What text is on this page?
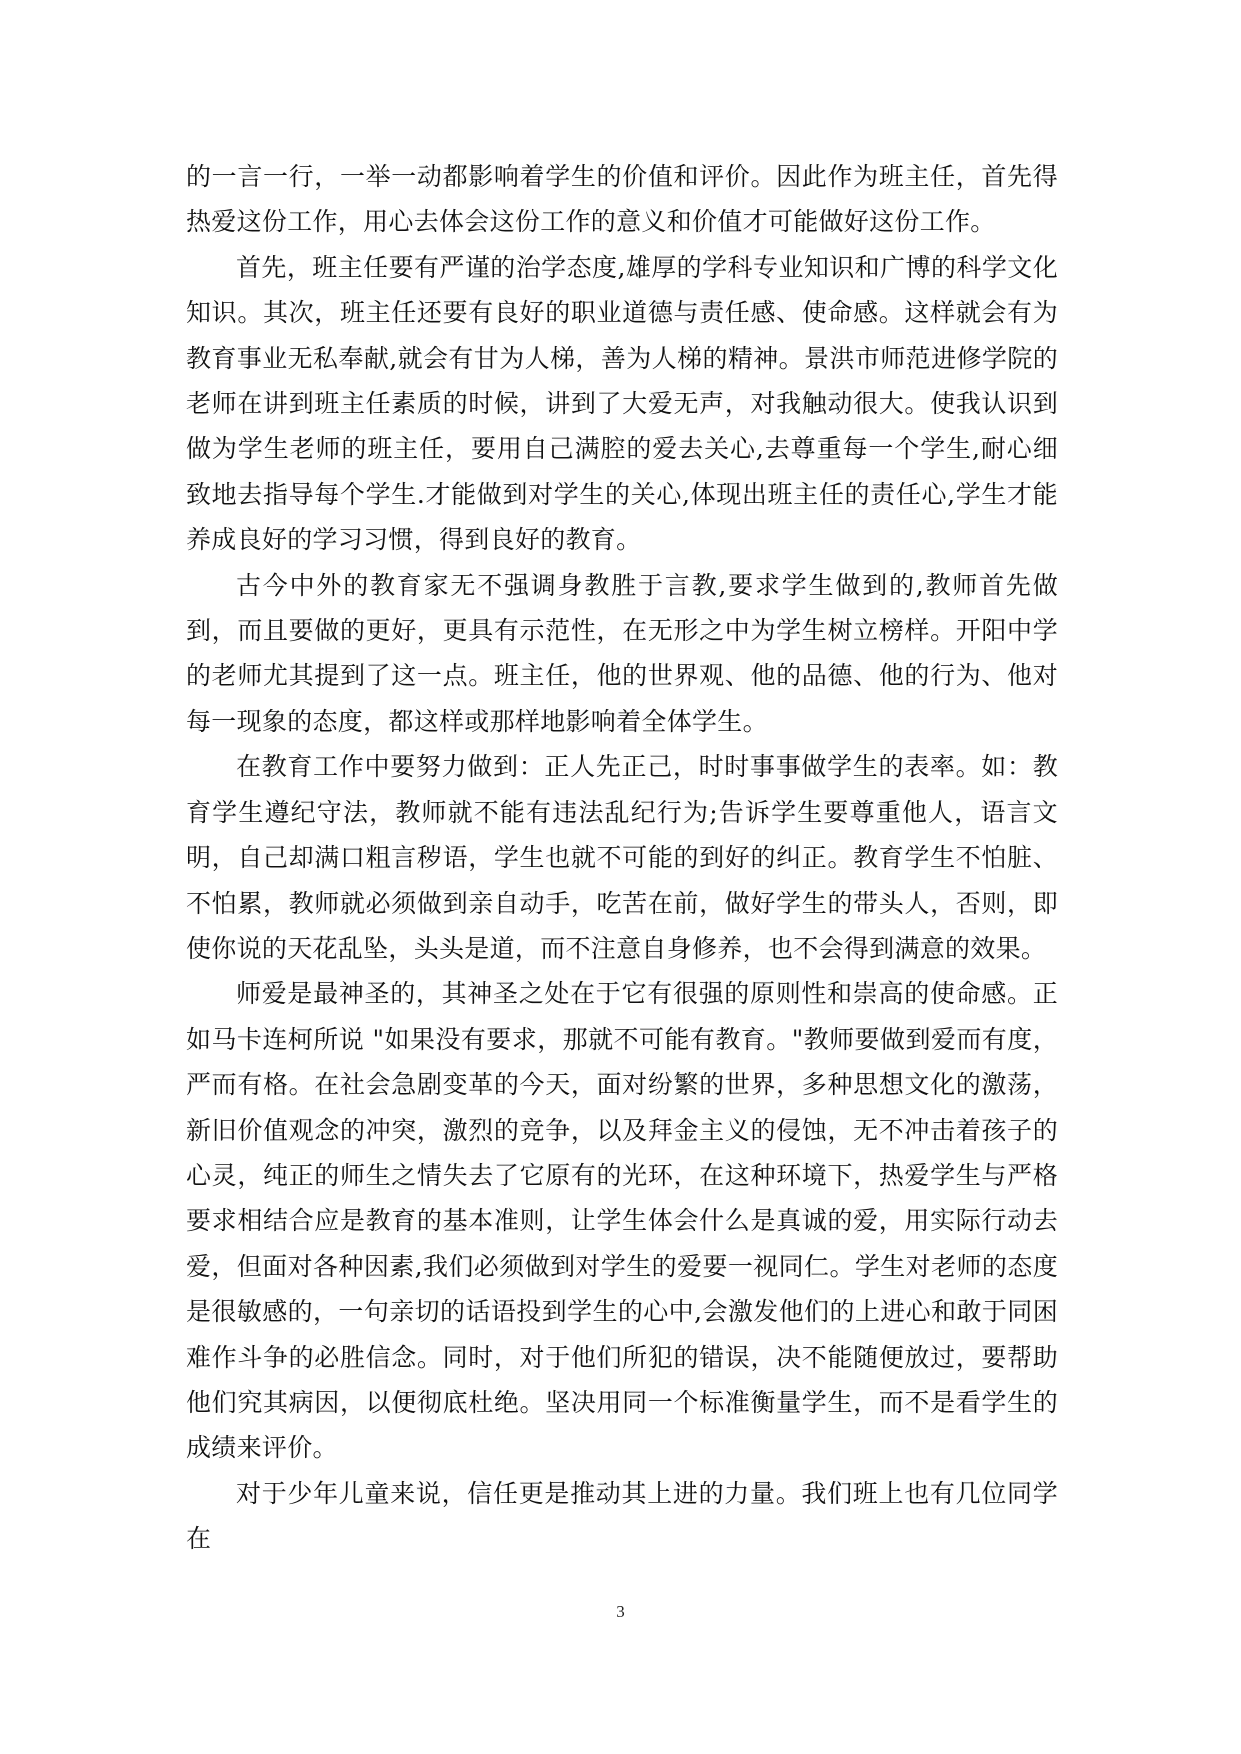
的一言一行，一举一动都影响着学生的价值和评价。因此作为班主任，首先得热爱这份工作，用心去体会这份工作的意义和价值才可能做好这份工作。

首先，班主任要有严谨的治学态度,雄厚的学科专业知识和广博的科学文化知识。其次，班主任还要有良好的职业道德与责任感、使命感。这样就会有为教育事业无私奉献,就会有甘为人梯，善为人梯的精神。景洪市师范进修学院的老师在讲到班主任素质的时候，讲到了大爱无声，对我触动很大。使我认识到做为学生老师的班主任，要用自己满腔的爱去关心,去尊重每一个学生,耐心细致地去指导每个学生.才能做到对学生的关心,体现出班主任的责任心,学生才能养成良好的学习习惯，得到良好的教育。

古今中外的教育家无不强调身教胜于言教,要求学生做到的,教师首先做到，而且要做的更好，更具有示范性，在无形之中为学生树立榜样。开阳中学的老师尤其提到了这一点。班主任，他的世界观、他的品德、他的行为、他对每一现象的态度，都这样或那样地影响着全体学生。

在教育工作中要努力做到：正人先正己，时时事事做学生的表率。如：教育学生遵纪守法，教师就不能有违法乱纪行为;告诉学生要尊重他人，语言文明，自己却满口粗言秽语，学生也就不可能的到好的纠正。教育学生不怕脏、不怕累，教师就必须做到亲自动手，吃苦在前，做好学生的带头人，否则，即使你说的天花乱坠，头头是道，而不注意自身修养，也不会得到满意的效果。

师爱是最神圣的，其神圣之处在于它有很强的原则性和崇高的使命感。正如马卡连柯所说 "如果没有要求，那就不可能有教育。"教师要做到爱而有度，严而有格。在社会急剧变革的今天，面对纷繁的世界，多种思想文化的激荡，新旧价值观念的冲突，激烈的竞争，以及拜金主义的侵蚀，无不冲击着孩子的心灵，纯正的师生之情失去了它原有的光环，在这种环境下，热爱学生与严格要求相结合应是教育的基本准则，让学生体会什么是真诚的爱，用实际行动去爱，但面对各种因素,我们必须做到对学生的爱要一视同仁。学生对老师的态度是很敏感的，一句亲切的话语投到学生的心中,会激发他们的上进心和敢于同困难作斗争的必胜信念。同时，对于他们所犯的错误，决不能随便放过，要帮助他们究其病因，以便彻底杜绝。坚决用同一个标准衡量学生，而不是看学生的成绩来评价。

对于少年儿童来说，信任更是推动其上进的力量。我们班上也有几位同学在

3
